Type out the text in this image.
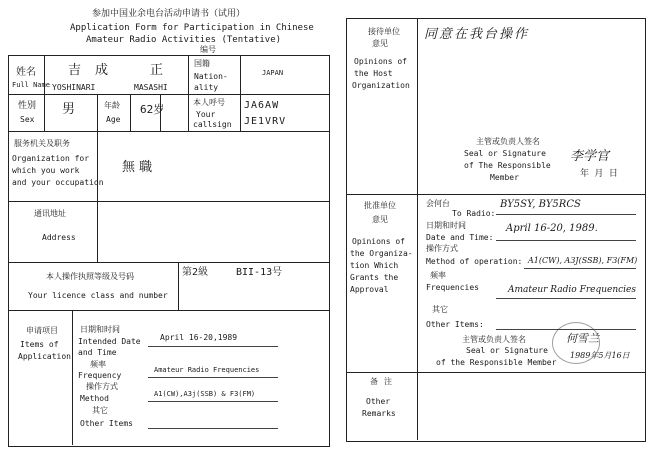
参加中国业余电台活动申请书（试用）
Application Form for Participation in Chinese
Amateur Radio Activities (Tentative)
编号
姓名
Full Name
吉成 正
YOSHINARI	MASASHI
国籍
Nation-
ality
JAPAN
性别
Sex
男	年龄
Age
62岁
本人呼号
Your
callsign
JA6AW
JE1VRV
服务机关及职务
Organization for
which you work
and your occupation
無 職
通讯地址
Address
本人操作执照等级及号码
Your licence class and number
第2級	BII-13号
申请项目
Items of
Application
日期和时间
Intended Date
and Time
April 16-20,1989
频率
Frequency
Amateur Radio Frequencies
操作方式
Method	A1(CW),A3j(SSB) & F3(FM)
其它
Other Items
接待单位
意见
Opinions of
the Host
Organization
同意在我台操作
主管或负责人签名
Seal or Signature
of The Responsible
Member
李学官
年 月 日
批准单位
意见
Opinions of
the Organiza-
tion Which
Grants the
Approval
会何台
To Radio:
BY5SY, BY5RCS
日期和时间
Date and Time:
April 16-20, 1989.
操作方式
Method of operation: A1(CW), A3J(SSB), F3(FM)
频率
Frequencies	Amateur Radio Frequencies
其它
Other Items:
主管或负责人签名
Seal or Signature
of the Responsible Member
何雪兰
1989年5月16日
备注
Other
Remarks
